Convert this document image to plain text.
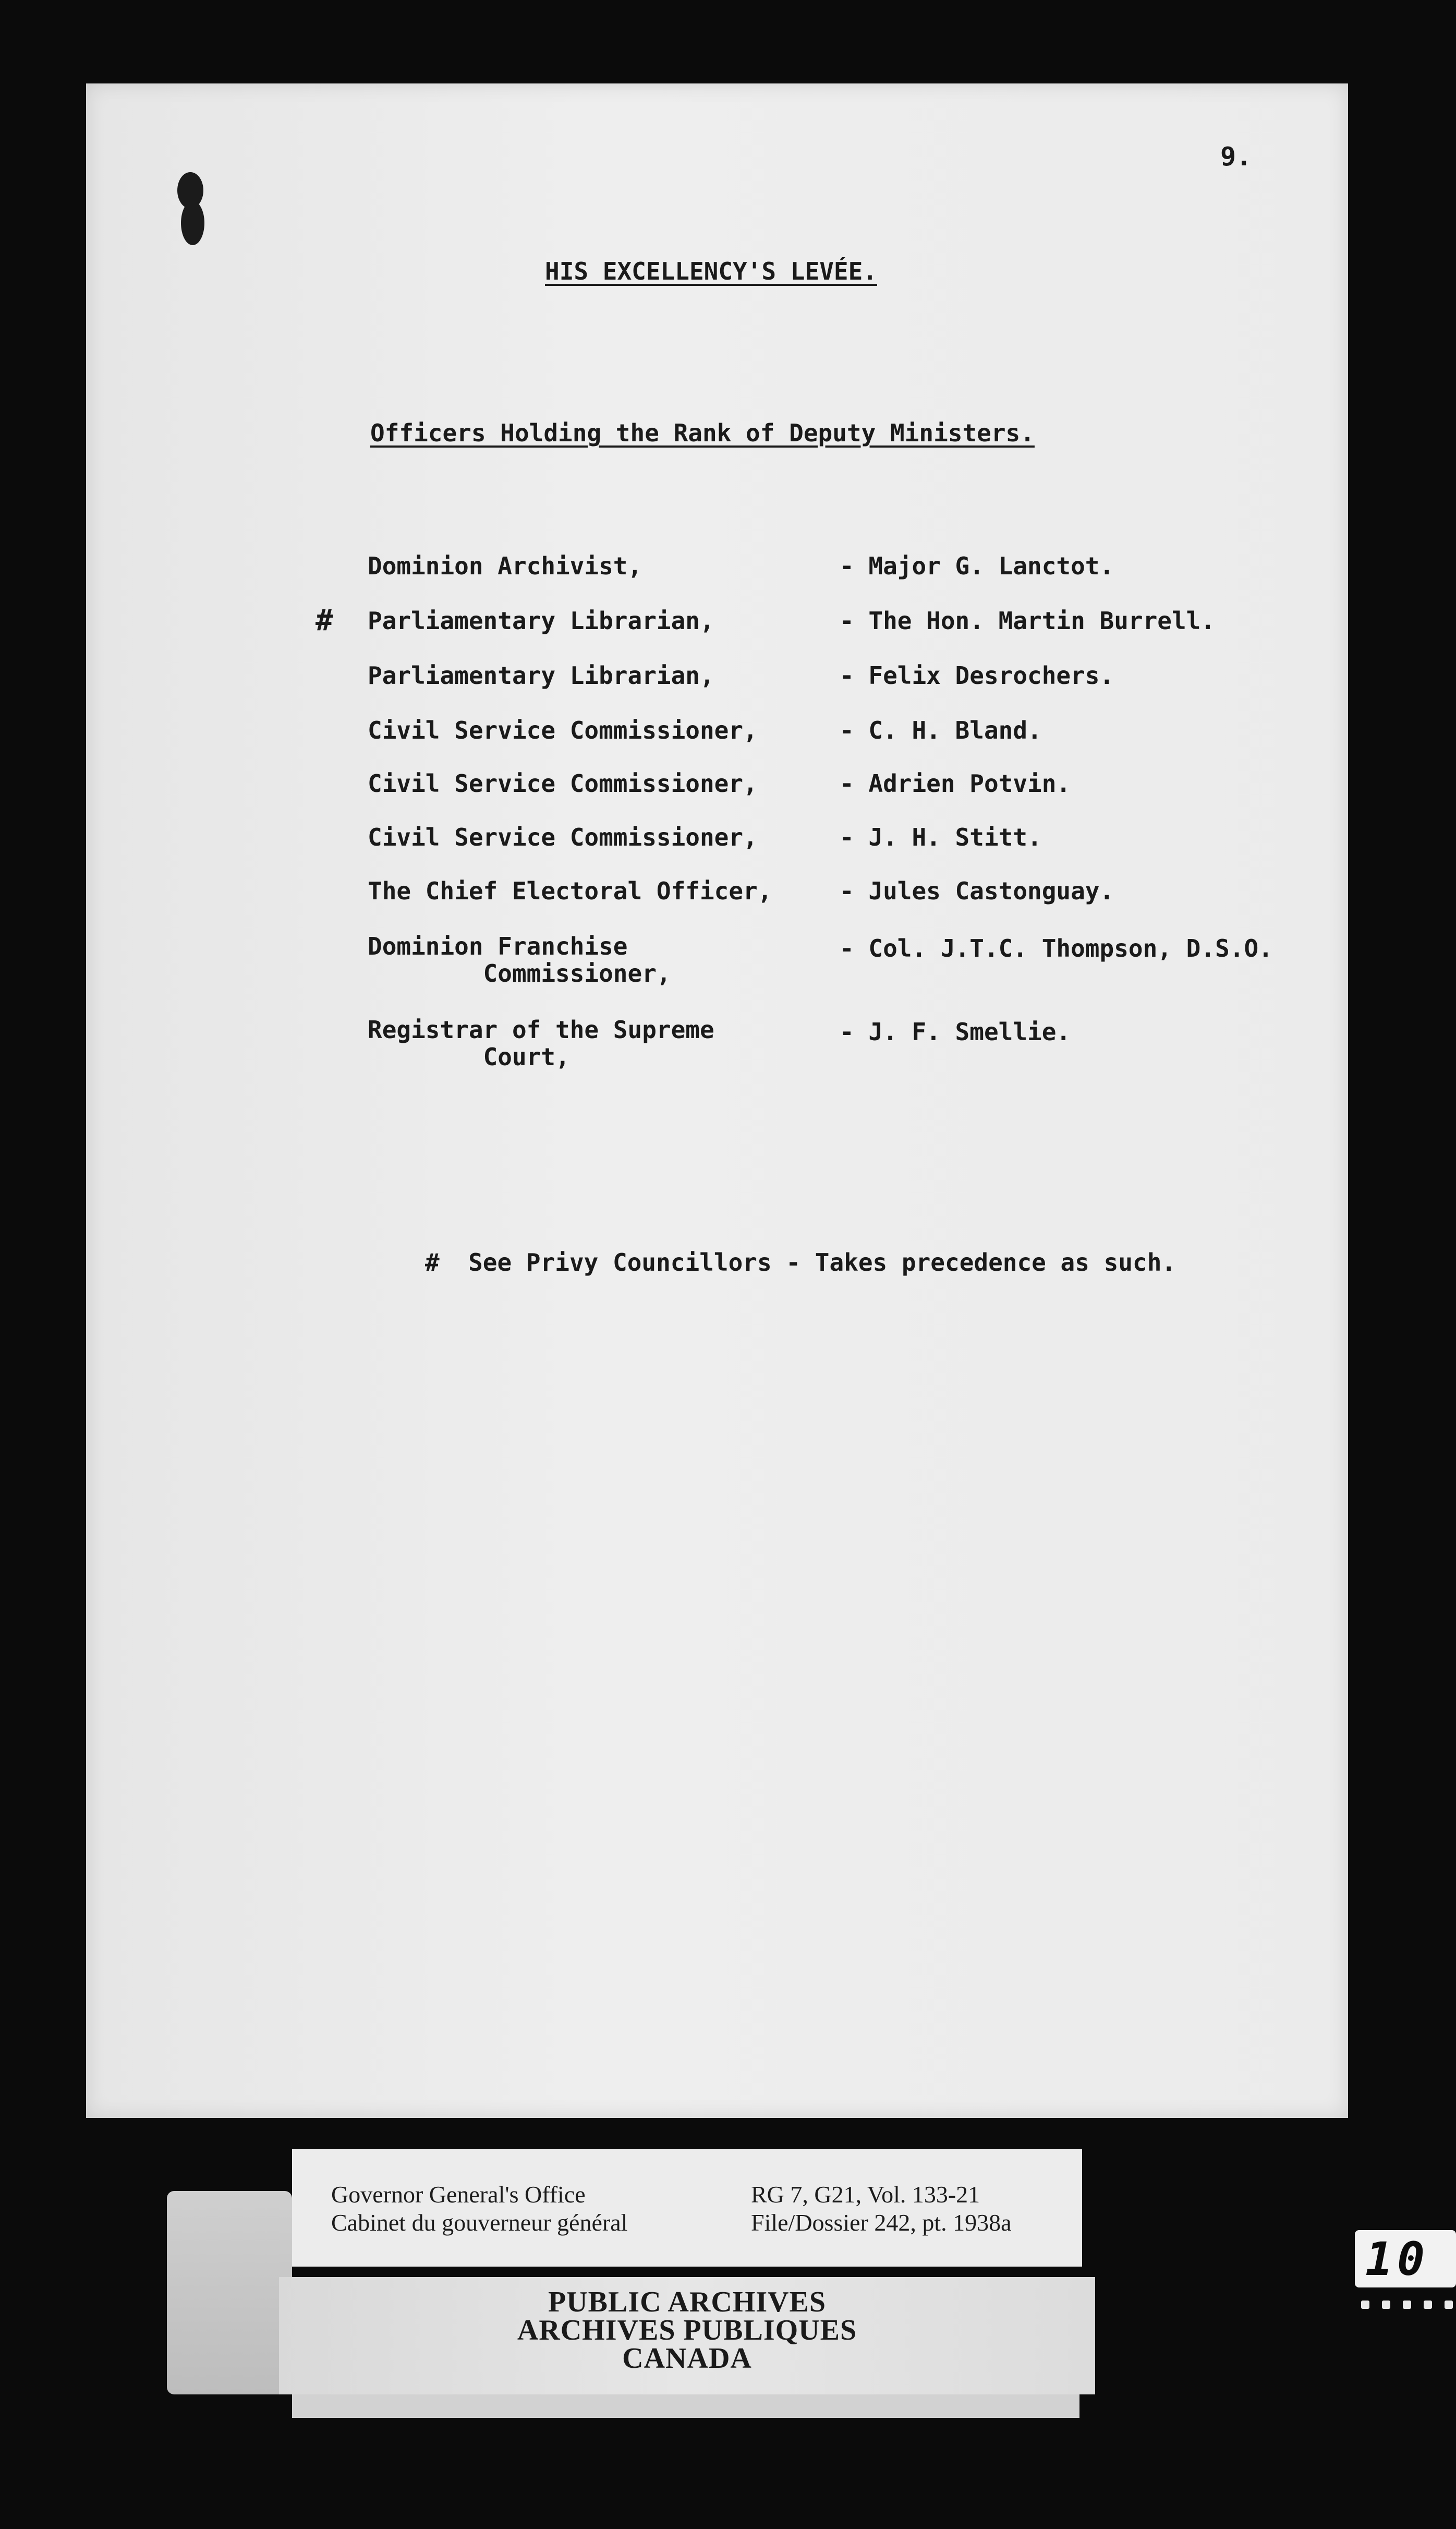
9.
HIS EXCELLENCY'S LEVÉE.
Officers Holding the Rank of Deputy Ministers.
#
Dominion Archivist,	- Major G. Lanctot.
Parliamentary Librarian,	- The Hon. Martin Burrell.
Parliamentary Librarian,	- Felix Desrochers.
Civil Service Commissioner,	- C. H. Bland.
Civil Service Commissioner,	- Adrien Potvin.
Civil Service Commissioner,	- J. H. Stitt.
The Chief Electoral Officer,	- Jules Castonguay.
Dominion Franchise
Commissioner,
- Col. J.T.C. Thompson, D.S.O.
Registrar of the Supreme
Court,
- J. F. Smellie.
#  See Privy Councillors - Takes precedence as such.
Governor General's Office
Cabinet du gouverneur général
RG 7, G21, Vol. 133-21
File/Dossier 242, pt. 1938a
PUBLIC ARCHIVES
ARCHIVES PUBLIQUES
CANADA
10
